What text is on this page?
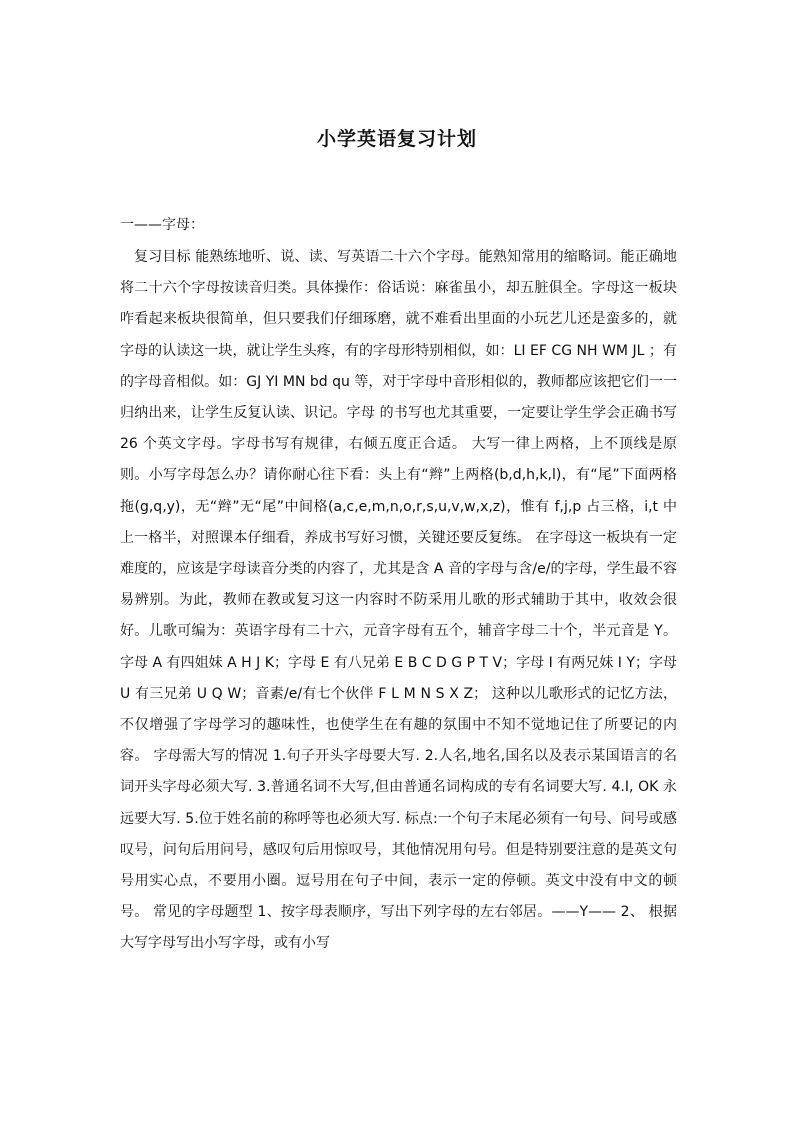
小学英语复习计划

一——字母：

复习目标 能熟练地听、说、读、写英语二十六个字母。能熟知常用的缩略词。能正确地将二十六个字母按读音归类。具体操作：俗话说：麻雀虽小，却五脏俱全。字母这一板块咋看起来板块很简单，但只要我们仔细琢磨，就不难看出里面的小玩艺儿还是蛮多的，就字母的认读这一块，就让学生头疼，有的字母形特别相似，如：LI EF CG NH WM JL ；有的字母音相似。如：GJ YI MN bd qu 等，对于字母中音形相似的，教师都应该把它们一一归纳出来，让学生反复认读、识记。字母 的书写也尤其重要，一定要让学生学会正确书写 26 个英文字母。字母书写有规律，右倾五度正合适。 大写一律上两格，上不顶线是原则。小写字母怎么办？请你耐心往下看：头上有“辫”上两格(b,d,h,k,l)，有“尾”下面两格拖(g,q,y)，无“辫”无“尾”中间格(a,c,e,m,n,o,r,s,u,v,w,x,z)，惟有 f,j,p 占三格，i,t 中上一格半，对照课本仔细看，养成书写好习惯，关键还要反复练。 在字母这一板块有一定难度的，应该是字母读音分类的内容了，尤其是含 A 音的字母与含/e/的字母，学生最不容易辨别。为此，教师在教或复习这一内容时不防采用儿歌的形式辅助于其中，收效会很好。儿歌可编为：英语字母有二十六，元音字母有五个，辅音字母二十个，半元音是 Y。字母 A 有四姐妹 A H J K；字母 E 有八兄弟 E B C D G P T V；字母 I 有两兄妹 I Y；字母 U 有三兄弟 U Q W；音素/e/有七个伙伴 F L M N S X Z； 这种以儿歌形式的记忆方法，不仅增强了字母学习的趣味性，也使学生在有趣的氛围中不知不觉地记住了所要记的内容。 字母需大写的情况 1.句子开头字母要大写. 2.人名,地名,国名以及表示某国语言的名词开头字母必须大写. 3.普通名词不大写,但由普通名词构成的专有名词要大写. 4.I, OK 永远要大写. 5.位于姓名前的称呼等也必须大写. 标点:一个句子末尾必须有一句号、问号或感叹号，问句后用问号，感叹句后用惊叹号，其他情况用句号。但是特别要注意的是英文句号用实心点，不要用小圈。逗号用在句子中间，表示一定的停顿。英文中没有中文的顿号。 常见的字母题型 1、按字母表顺序，写出下列字母的左右邻居。——Y—— 2、 根据大写字母写出小写字母，或有小写
